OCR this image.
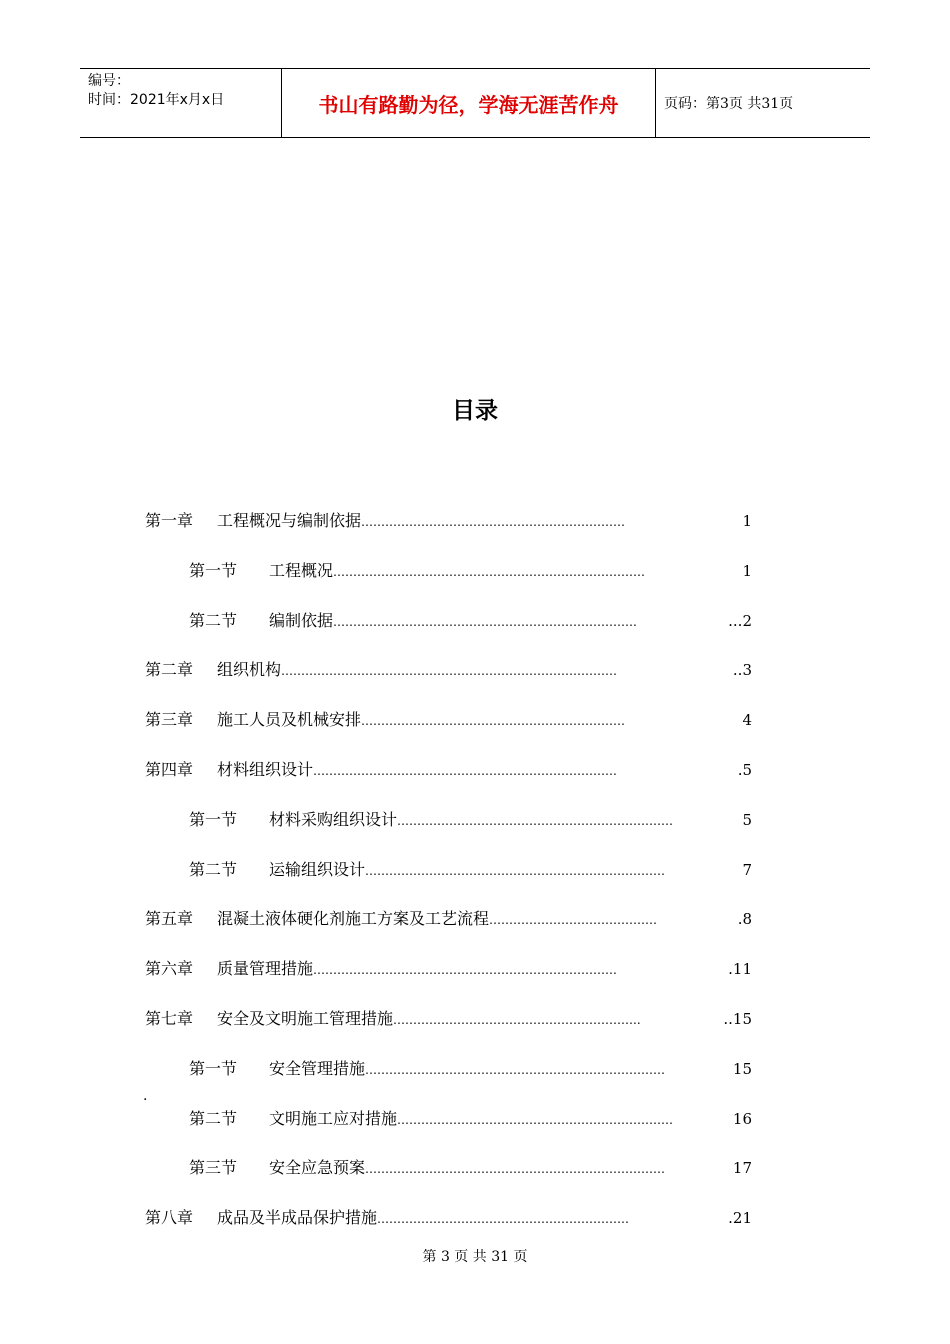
编号：
时间：2021年x月x日	书山有路勤为径，学海无涯苦作舟	页码：第3页 共31页
目录
第一章	工程概况与编制依据 …………………………………………………………	1
第一节	工程概况 ……………………………………………………………………	1
第二节	编制依据 ………………………………………………………………….	...2
第二章	组织机构 …………………………………………………………………………	..3
第三章	施工人员及机械安排 …………………………………………………………	4
第四章	材料组织设计 ………………………………………………………………….	.5
第一节	材料采购组织设计 ……………………………………………………………	5
第二节	运输组织设计 …………………………………………………………………	7
第五章	混凝土液体硬化剂施工方案及工艺流程 ……………………………………	.8
第六章	质量管理措施 ………………………………………………………………….	.11
第七章	安全及文明施工管理措施 ……………………………………………………..	..15
第一节	安全管理措施 …………………………………………………………………	15
第二节	文明施工应对措施 ……………………………………………………………	16
第三节	安全应急预案 …………………………………………………………………	17
第八章	成品及半成品保护措施 ………………………………………………………	.21
.
第 3 页 共 31 页
